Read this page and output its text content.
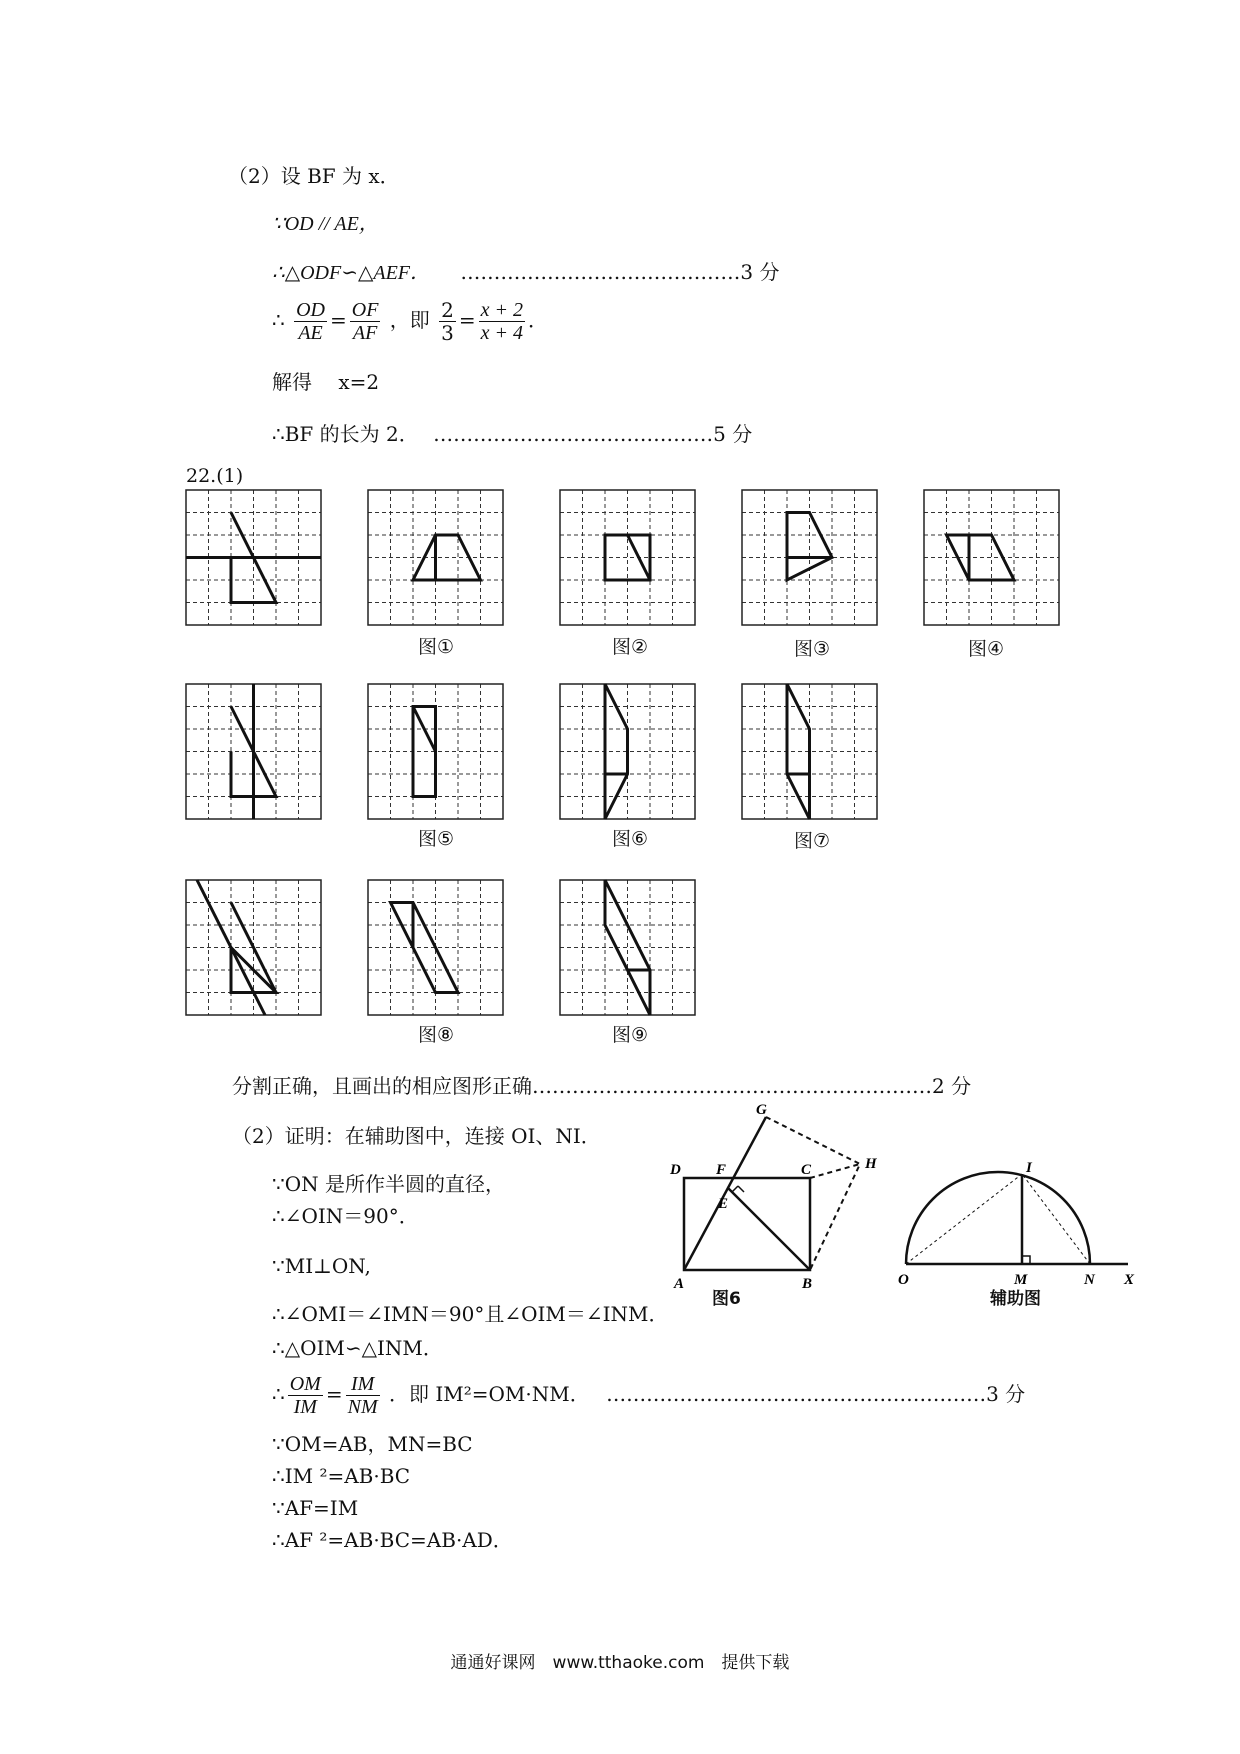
（2）设 BF 为 x．
∵OD // AE，
∴△ODF∽△AEF． ……………………………………3 分
∴ $\frac{OD}{AE} = \frac{OF}{AF}$ ，即 $\frac{2}{3} = \frac{x + 2}{x + 4}$ ．
解得　 x=2
∴BF 的长为 2． ……………………………………5 分
22.(1)
图①	图②	图③	图④
图⑤	图⑥	图⑦
图⑧	图⑨
分割正确，且画出的相应图形正确……………………………………………………2 分
（2）证明：在辅助图中，连接 OI、NI．
∵ON 是所作半圆的直径，
∴∠OIN＝90°．
∵MI⊥ON,
∴∠OMI＝∠IMN＝90°且∠OIM＝∠INM．
∴△OIM∽△INM．
∴ $\frac{OM}{IM} = \frac{IM}{NM}$ ．即 IM²=OM·NM． …………………………………………………3 分
∵OM=AB，MN=BC
∴IM ²=AB·BC
∵AF=IM
∴AF ²=AB·BC=AB·AD．
D F	C
E
G
H
A	B
图6
O	M	N X
I
辅助图
通通好课网　www.tthaoke.com　提供下载
